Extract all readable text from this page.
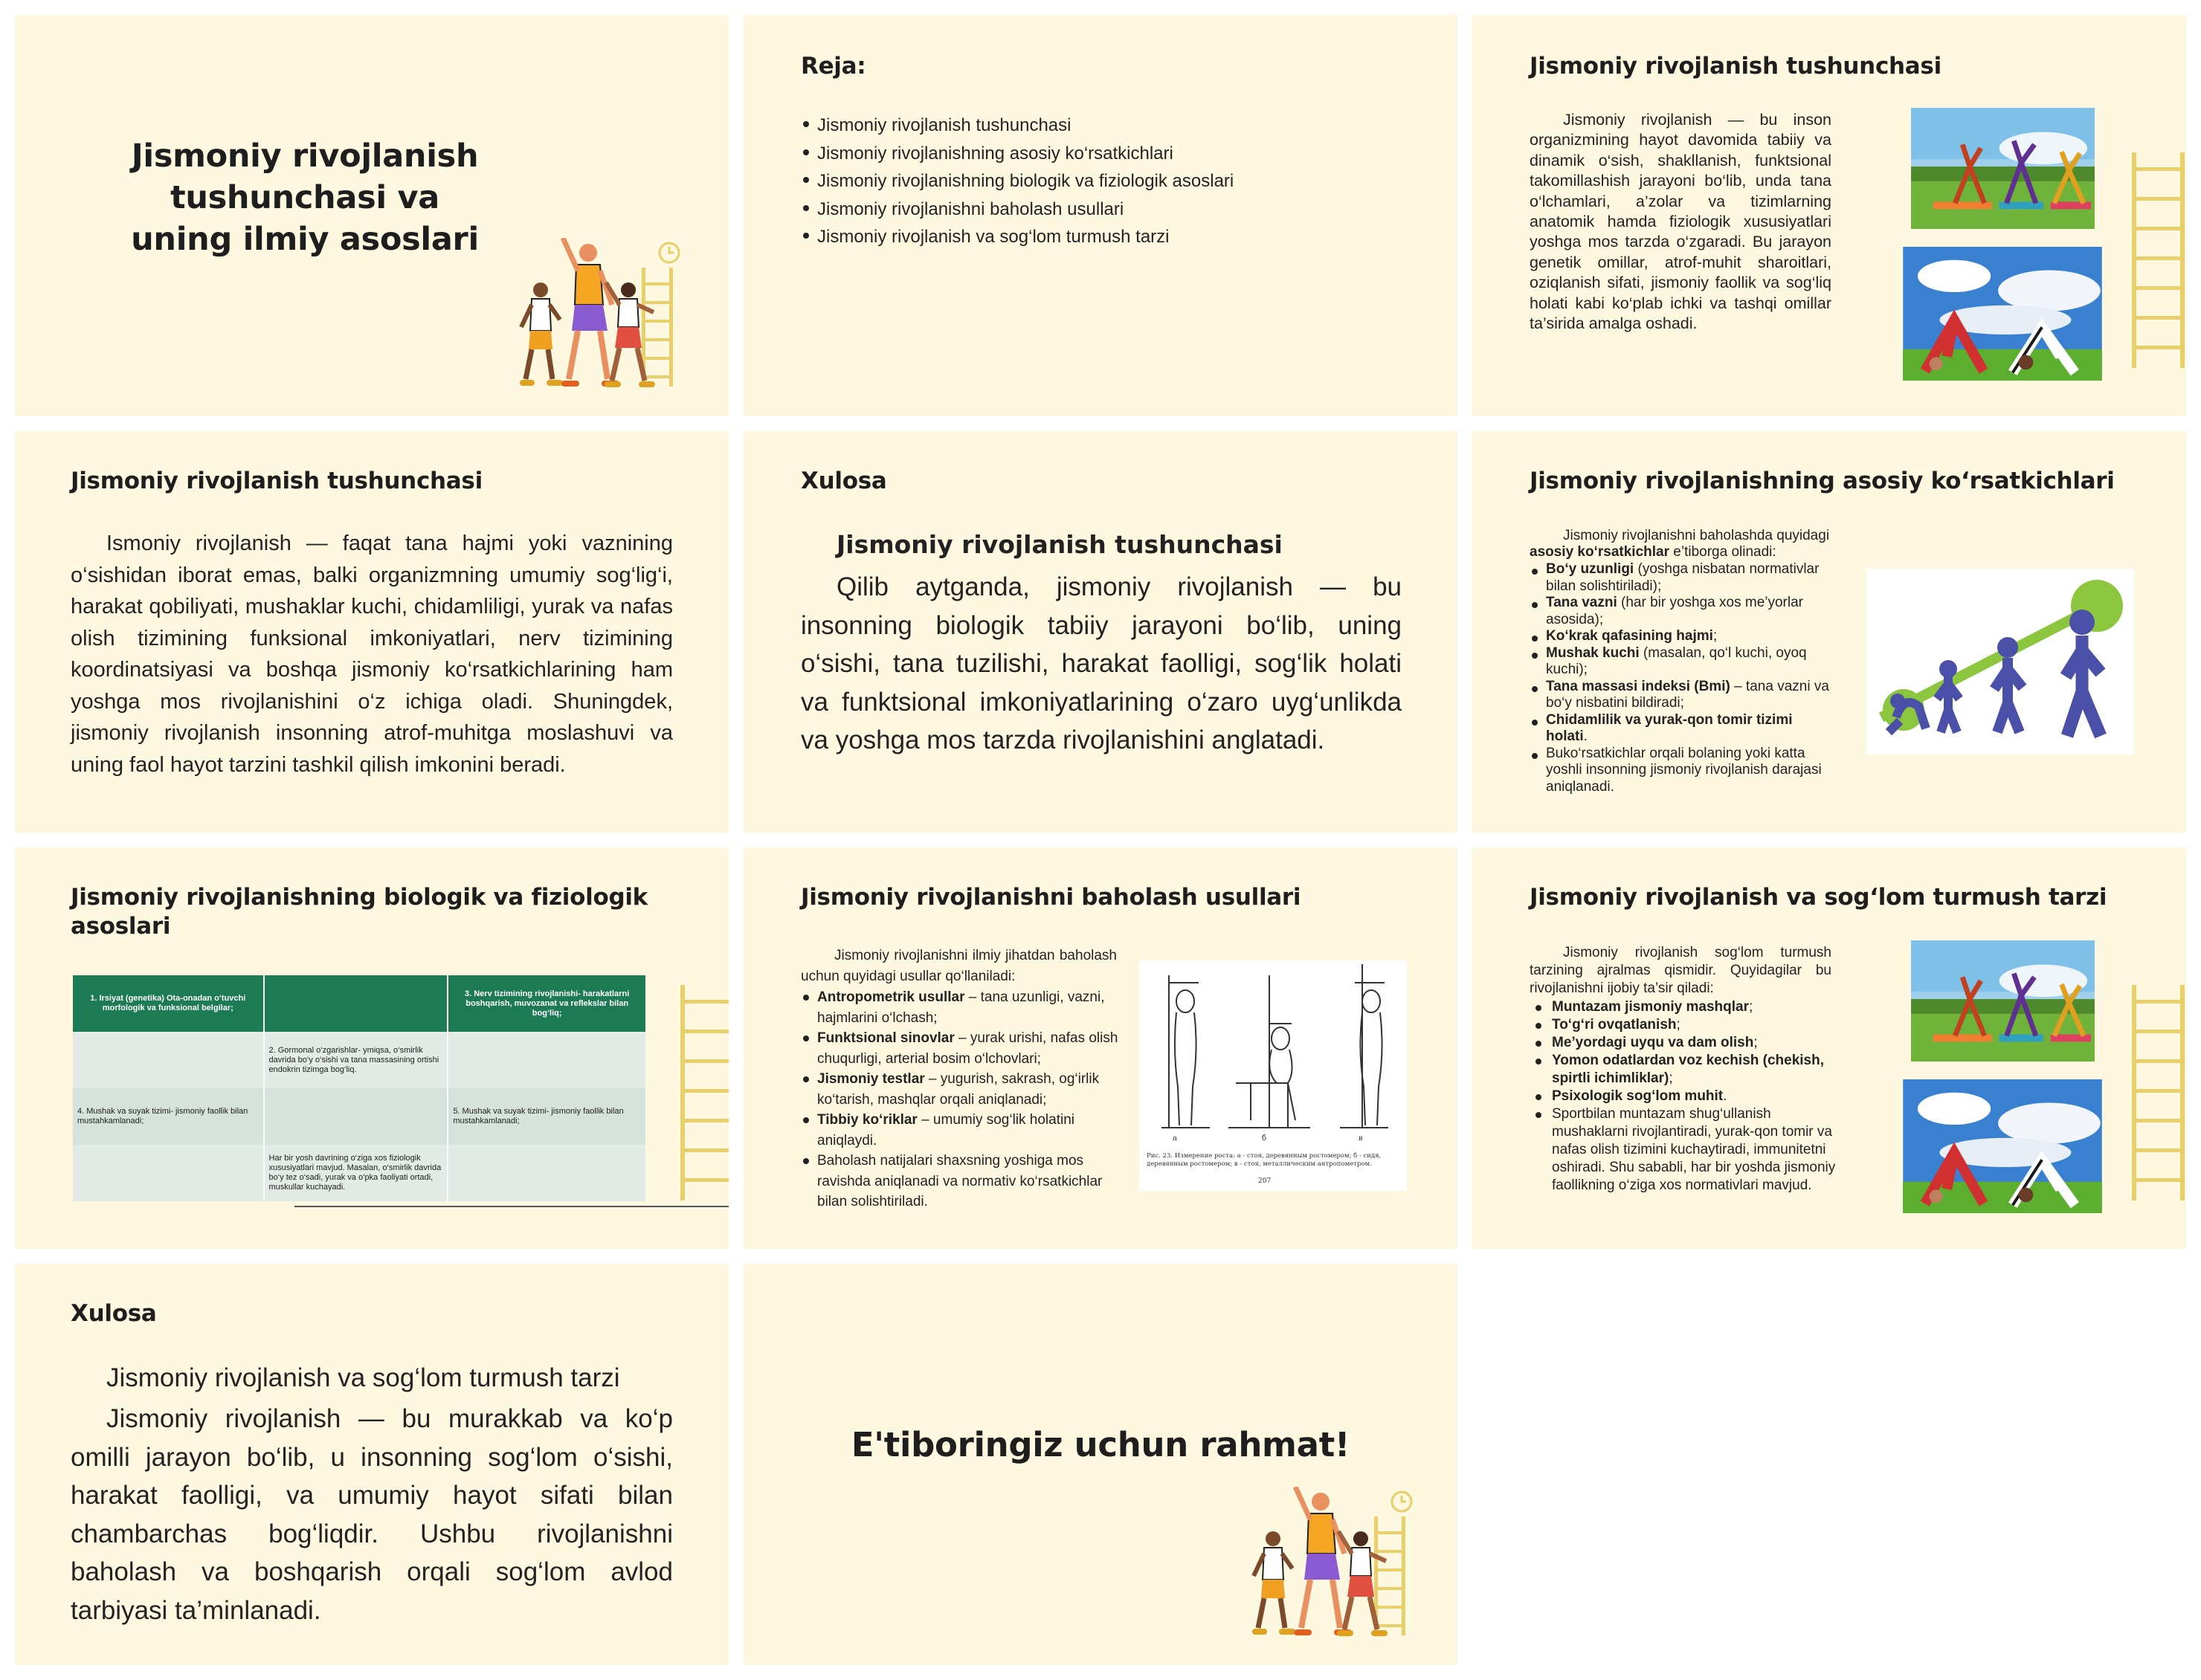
Jismoniy rivojlanish tushunchasi va uning ilmiy asoslari
Reja:
Jismoniy rivojlanish tushunchasi
Jismoniy rivojlanishning asosiy ko‘rsatkichlari
Jismoniy rivojlanishning biologik va fiziologik asoslari
Jismoniy rivojlanishni baholash usullari
Jismoniy rivojlanish va sog‘lom turmush tarzi
Jismoniy rivojlanish tushunchasi

Jismoniy rivojlanish — bu inson organizmining hayot davomida tabiiy va dinamik o‘sish, shakllanish, funktsional takomillashish jarayoni bo‘lib, unda tana o‘lchamlari, a’zolar va tizimlarning anatomik hamda fiziologik xususiyatlari yoshga mos tarzda o‘zgaradi. Bu jarayon genetik omillar, atrof-muhit sharoitlari, oziqlanish sifati, jismoniy faollik va sog‘liq holati kabi ko‘plab ichki va tashqi omillar ta’sirida amalga oshadi.

Jismoniy rivojlanish tushunchasi

Ismoniy rivojlanish — faqat tana hajmi yoki vaznining o‘sishidan iborat emas, balki organizmning umumiy sog‘lig‘i, harakat qobiliyati, mushaklar kuchi, chidamliligi, yurak va nafas olish tizimining funksional imkoniyatlari, nerv tizimining koordinatsiyasi va boshqa jismoniy ko‘rsatkichlarining ham yoshga mos rivojlanishini o‘z ichiga oladi. Shuningdek, jismoniy rivojlanish insonning atrof-muhitga moslashuvi va uning faol hayot tarzini tashkil qilish imkonini beradi.

Xulosa
Jismoniy rivojlanish tushunchasi

Qilib aytganda, jismoniy rivojlanish — bu insonning biologik tabiiy jarayoni bo‘lib, uning o‘sishi, tana tuzilishi, harakat faolligi, sog‘lik holati va funktsional imkoniyatlarining o‘zaro uyg‘unlikda va yoshga mos tarzda rivojlanishini anglatadi.

Jismoniy rivojlanishning asosiy ko‘rsatkichlari
Jismoniy rivojlanishni baholashda quyidagi
asosiy ko‘rsatkichlar e’tiborga olinadi:
Bo‘y uzunligi (yoshga nisbatan normativlar bilan solishtiriladi);
Tana vazni (har bir yoshga xos me’yorlar asosida);
Ko‘krak qafasining hajmi;
Mushak kuchi (masalan, qo‘l kuchi, oyoq kuchi);
Tana massasi indeksi (Bmi) – tana vazni va bo‘y nisbatini bildiradi;
Chidamlilik va yurak-qon tomir tizimi holati.
Buko‘rsatkichlar orqali bolaning yoki katta yoshli insonning jismoniy rivojlanish darajasi aniqlanadi.
Jismoniy rivojlanishning biologik va fiziologik asoslari
1. Irsiyat (genetika) Ota-onadan o‘tuvchi morfologik va funksional belgilar;		3. Nerv tizimining rivojlanishi- harakatlarni boshqarish, muvozanat va reflekslar bilan bog‘liq;
	2. Gormonal o‘zgarishlar- ymiqsa, o‘smirlik davrida bo‘y o‘sishi va tana massasining ortishi endokrin tizimga bog‘liq.	
4. Mushak va suyak tizimi- jismoniy faollik bilan mustahkamlanadi;		5. Mushak va suyak tizimi- jismoniy faollik bilan mustahkamlanadi;
	Har bir yosh davrining o‘ziga xos fiziologik xususiyatlari mavjud. Masalan, o‘smirlik davrida bo‘y tez o‘sadi, yurak va o‘pka faoliyati ortadi, muskullar kuchayadi.	
Jismoniy rivojlanishni baholash usullari

Jismoniy rivojlanishni ilmiy jihatdan baholash uchun quyidagi usullar qo‘llaniladi:

Antropometrik usullar – tana uzunligi, vazni, hajmlarini o‘lchash;
Funktsional sinovlar – yurak urishi, nafas olish chuqurligi, arterial bosim o‘lchovlari;
Jismoniy testlar – yugurish, sakrash, og‘irlik ko‘tarish, mashqlar orqali aniqlanadi;
Tibbiy ko‘riklar – umumiy sog‘lik holatini aniqlaydi.
Baholash natijalari shaxsning yoshiga mos ravishda aniqlanadi va normativ ko‘rsatkichlar bilan solishtiriladi.
а	б	в
Рис. 23. Измерение роста: а - стоя, деревянным ростомером; б - сидя, деревянным ростомером; в - стоя, металлическим антропометром.
207
Jismoniy rivojlanish va sog‘lom turmush tarzi

Jismoniy rivojlanish sog‘lom turmush tarzining ajralmas qismidir. Quyidagilar bu rivojlanishni ijobiy ta’sir qiladi:

Muntazam jismoniy mashqlar;
To‘g‘ri ovqatlanish;
Me’yordagi uyqu va dam olish;
Yomon odatlardan voz kechish (chekish, spirtli ichimliklar);
Psixologik sog‘lom muhit.
Sportbilan muntazam shug‘ullanish mushaklarni rivojlantiradi, yurak-qon tomir va nafas olish tizimini kuchaytiradi, immunitetni oshiradi. Shu sababli, har bir yoshda jismoniy faollikning o‘ziga xos normativlari mavjud.
Xulosa
Jismoniy rivojlanish va sog‘lom turmush tarzi

Jismoniy rivojlanish — bu murakkab va ko‘p omilli jarayon bo‘lib, u insonning sog‘lom o‘sishi, harakat faolligi, va umumiy hayot sifati bilan chambarchas bog‘liqdir. Ushbu rivojlanishni baholash va boshqarish orqali sog‘lom avlod tarbiyasi ta’minlanadi.

E'tiboringiz uchun rahmat!
